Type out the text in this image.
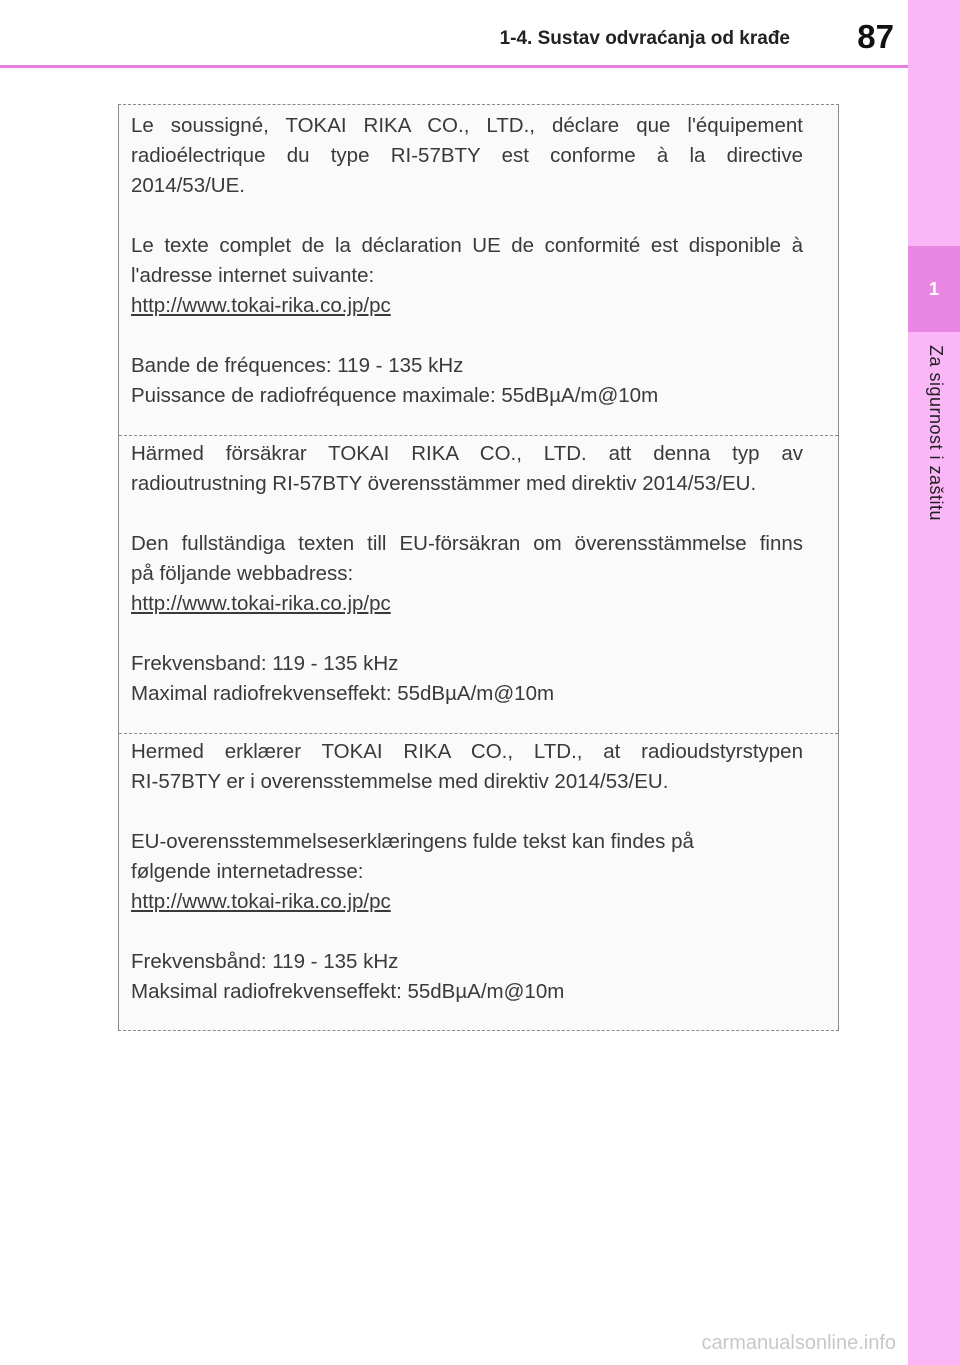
1-4. Sustav odvraćanja od krađe 87
1
Za sigurnost i zaštitu

Le soussigné, TOKAI RIKA CO., LTD., déclare que l'équipement

radioélectrique du type RI-57BTY est conforme à la directive

2014/53/UE.

Le texte complet de la déclaration UE de conformité est disponible à

l'adresse internet suivante:

http://www.tokai-rika.co.jp/pc

Bande de fréquences: 119 - 135 kHz

Puissance de radiofréquence maximale: 55dBµA/m@10m

Härmed försäkrar TOKAI RIKA CO., LTD. att denna typ av

radioutrustning RI-57BTY överensstämmer med direktiv 2014/53/EU.

Den fullständiga texten till EU-försäkran om överensstämmelse finns

på följande webbadress:

http://www.tokai-rika.co.jp/pc

Frekvensband: 119 - 135 kHz

Maximal radiofrekvenseffekt: 55dBµA/m@10m

Hermed erklærer TOKAI RIKA CO., LTD., at radioudstyrstypen

RI-57BTY er i overensstemmelse med direktiv 2014/53/EU.

EU-overensstemmelseserklæringens fulde tekst kan findes på

følgende internetadresse:

http://www.tokai-rika.co.jp/pc

Frekvensbånd: 119 - 135 kHz

Maksimal radiofrekvenseffekt: 55dBµA/m@10m

carmanualsonline.info
